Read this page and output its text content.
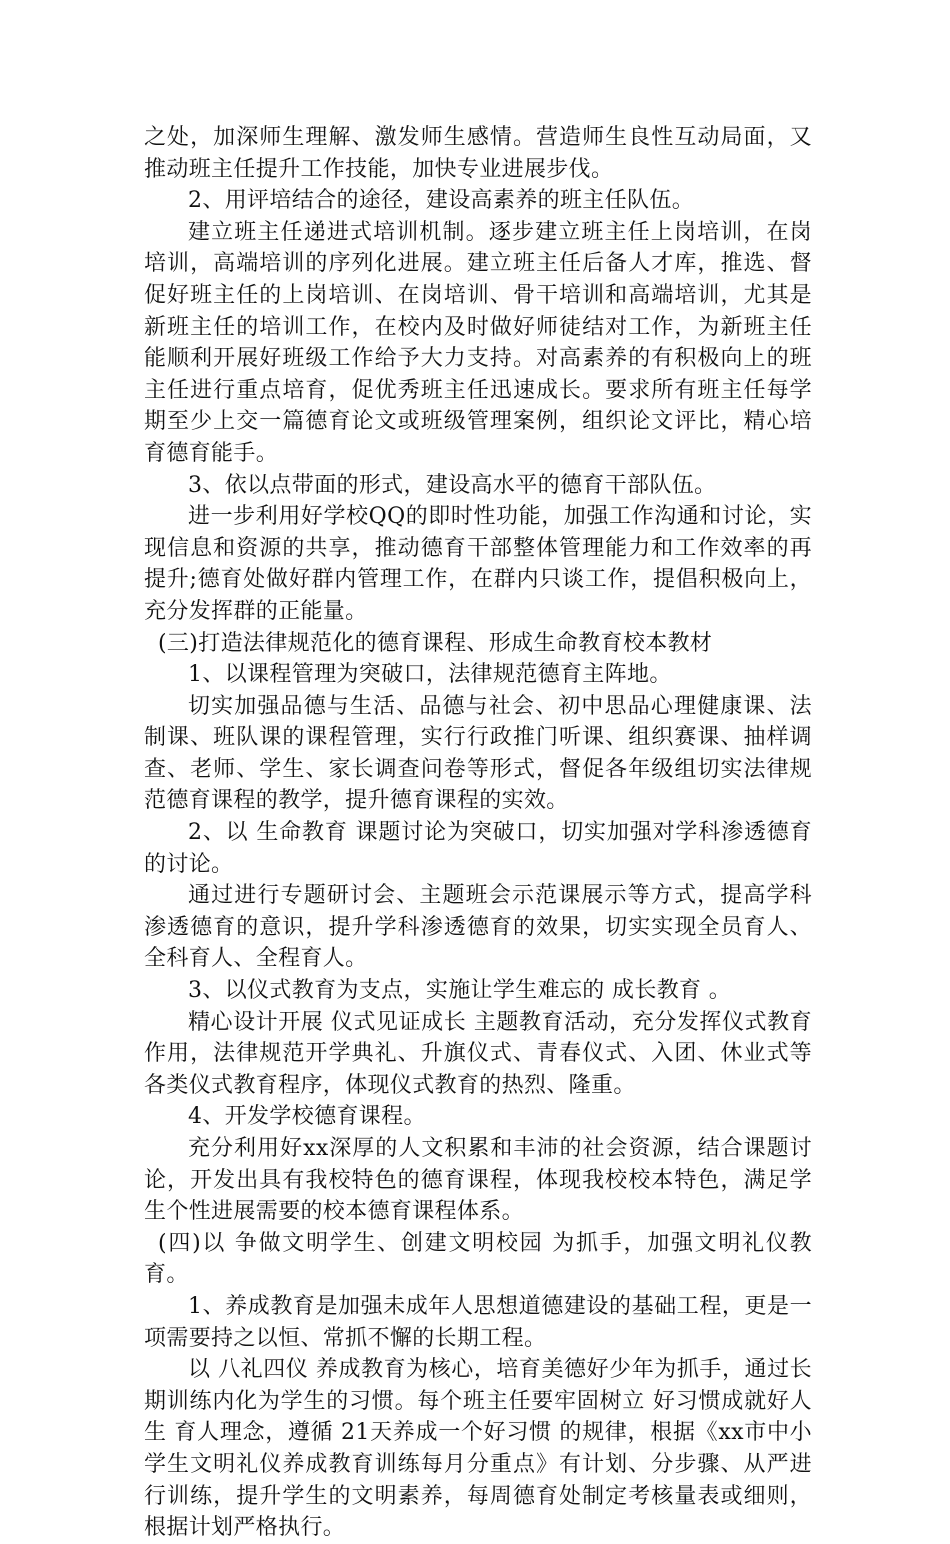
之处，加深师生理解、激发师生感情。营造师生良性互动局面，又推动班主任提升工作技能，加快专业进展步伐。

2、用评培结合的途径，建设高素养的班主任队伍。

建立班主任递进式培训机制。逐步建立班主任上岗培训，在岗培训，高端培训的序列化进展。建立班主任后备人才库，推选、督促好班主任的上岗培训、在岗培训、骨干培训和高端培训，尤其是新班主任的培训工作，在校内及时做好师徒结对工作，为新班主任能顺利开展好班级工作给予大力支持。对高素养的有积极向上的班主任进行重点培育，促优秀班主任迅速成长。要求所有班主任每学期至少上交一篇德育论文或班级管理案例，组织论文评比，精心培育德育能手。

3、依以点带面的形式，建设高水平的德育干部队伍。

进一步利用好学校QQ的即时性功能，加强工作沟通和讨论，实现信息和资源的共享，推动德育干部整体管理能力和工作效率的再提升;德育处做好群内管理工作，在群内只谈工作，提倡积极向上，充分发挥群的正能量。

(三)打造法律规范化的德育课程、形成生命教育校本教材

1、以课程管理为突破口，法律规范德育主阵地。

切实加强品德与生活、品德与社会、初中思品心理健康课、法制课、班队课的课程管理，实行行政推门听课、组织赛课、抽样调查、老师、学生、家长调查问卷等形式，督促各年级组切实法律规范德育课程的教学，提升德育课程的实效。

2、以 生命教育 课题讨论为突破口，切实加强对学科渗透德育的讨论。

通过进行专题研讨会、主题班会示范课展示等方式，提高学科渗透德育的意识，提升学科渗透德育的效果，切实实现全员育人、全科育人、全程育人。

3、以仪式教育为支点，实施让学生难忘的 成长教育 。

精心设计开展 仪式见证成长 主题教育活动，充分发挥仪式教育作用，法律规范开学典礼、升旗仪式、青春仪式、入团、休业式等各类仪式教育程序，体现仪式教育的热烈、隆重。

4、开发学校德育课程。

充分利用好xx深厚的人文积累和丰沛的社会资源，结合课题讨论，开发出具有我校特色的德育课程，体现我校校本特色，满足学生个性进展需要的校本德育课程体系。

(四)以 争做文明学生、创建文明校园 为抓手，加强文明礼仪教育。

1、养成教育是加强未成年人思想道德建设的基础工程，更是一项需要持之以恒、常抓不懈的长期工程。

以 八礼四仪 养成教育为核心，培育美德好少年为抓手，通过长期训练内化为学生的习惯。每个班主任要牢固树立 好习惯成就好人生 育人理念，遵循 21天养成一个好习惯 的规律，根据《xx市中小学生文明礼仪养成教育训练每月分重点》有计划、分步骤、从严进行训练，提升学生的文明素养，每周德育处制定考核量表或细则，根据计划严格执行。
